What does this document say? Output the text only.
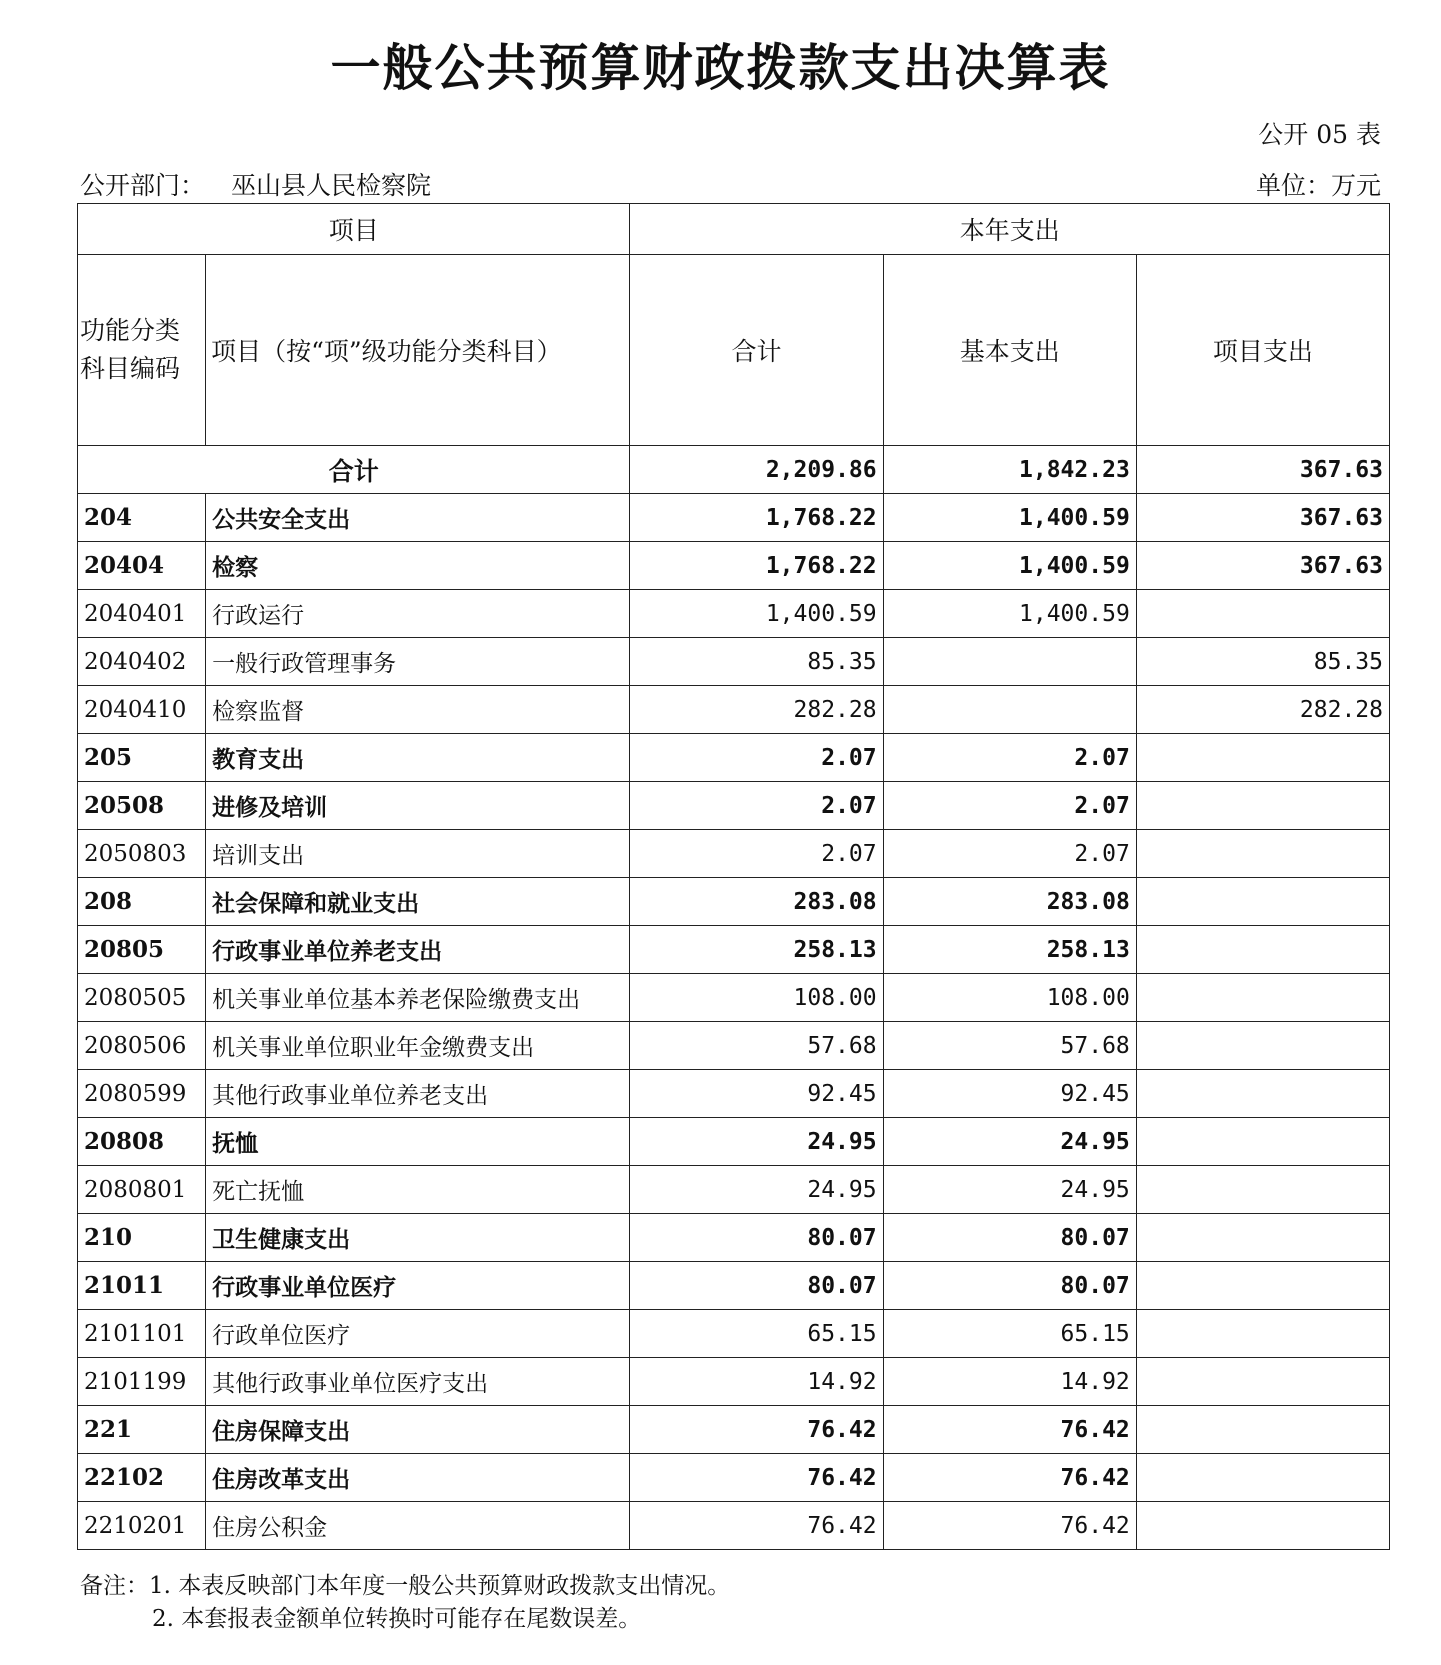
一般公共预算财政拨款支出决算表
公开 05 表
公开部门： 巫山县人民检察院	单位：万元
项目		本年支出		
功能分类科目编码	项目（按“项”级功能分类科目）	合计	基本支出	项目支出
合计		2,209.86	1,842.23	367.63
204	公共安全支出	1,768.22	1,400.59	367.63
20404	检察	1,768.22	1,400.59	367.63
2040401	行政运行	1,400.59	1,400.59	
2040402	一般行政管理事务	85.35		85.35
2040410	检察监督	282.28		282.28
205	教育支出	2.07	2.07	
20508	进修及培训	2.07	2.07	
2050803	培训支出	2.07	2.07	
208	社会保障和就业支出	283.08	283.08	
20805	行政事业单位养老支出	258.13	258.13	
2080505	机关事业单位基本养老保险缴费支出	108.00	108.00	
2080506	机关事业单位职业年金缴费支出	57.68	57.68	
2080599	其他行政事业单位养老支出	92.45	92.45	
20808	抚恤	24.95	24.95	
2080801	死亡抚恤	24.95	24.95	
210	卫生健康支出	80.07	80.07	
21011	行政事业单位医疗	80.07	80.07	
2101101	行政单位医疗	65.15	65.15	
2101199	其他行政事业单位医疗支出	14.92	14.92	
221	住房保障支出	76.42	76.42	
22102	住房改革支出	76.42	76.42	
2210201	住房公积金	76.42	76.42	
备注：1. 本表反映部门本年度一般公共预算财政拨款支出情况。
2. 本套报表金额单位转换时可能存在尾数误差。
